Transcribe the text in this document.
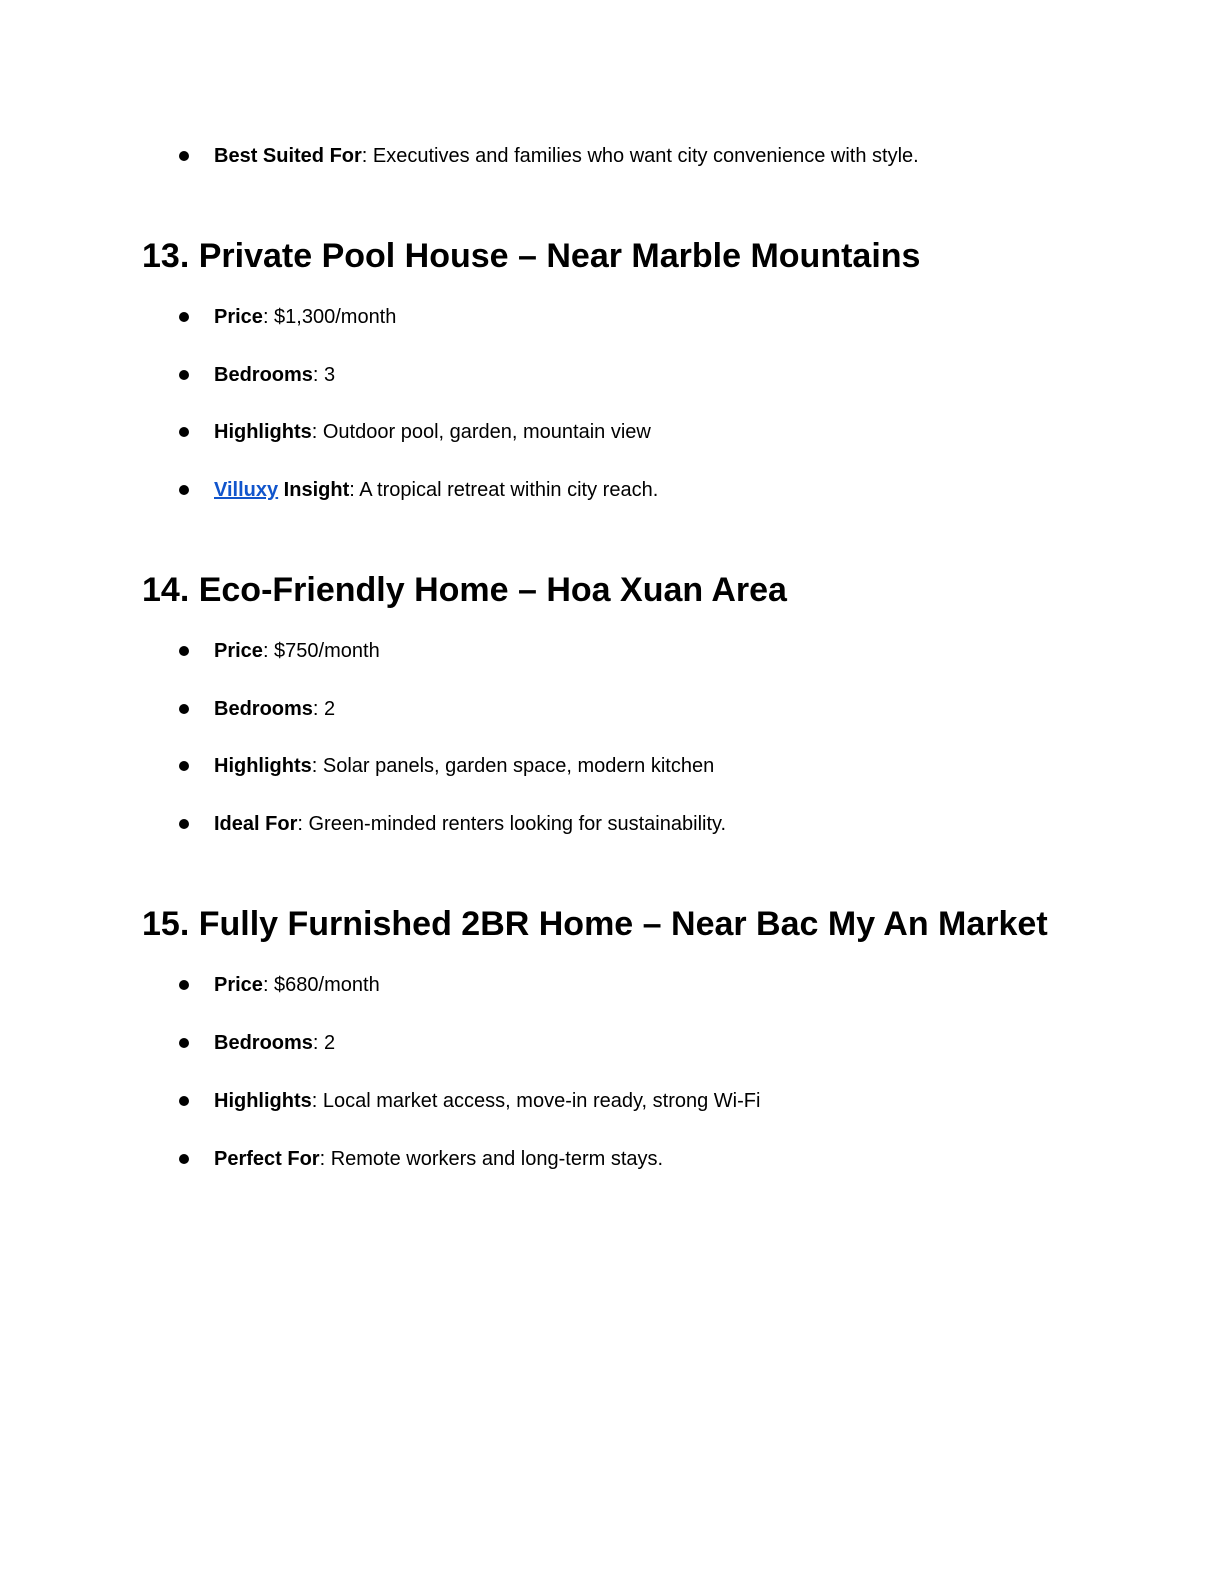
Best Suited For: Executives and families who want city convenience with style.
13. Private Pool House – Near Marble Mountains
Price: $1,300/month
Bedrooms: 3
Highlights: Outdoor pool, garden, mountain view
Villuxy Insight: A tropical retreat within city reach.
14. Eco-Friendly Home – Hoa Xuan Area
Price: $750/month
Bedrooms: 2
Highlights: Solar panels, garden space, modern kitchen
Ideal For: Green-minded renters looking for sustainability.
15. Fully Furnished 2BR Home – Near Bac My An Market
Price: $680/month
Bedrooms: 2
Highlights: Local market access, move-in ready, strong Wi-Fi
Perfect For: Remote workers and long-term stays.
